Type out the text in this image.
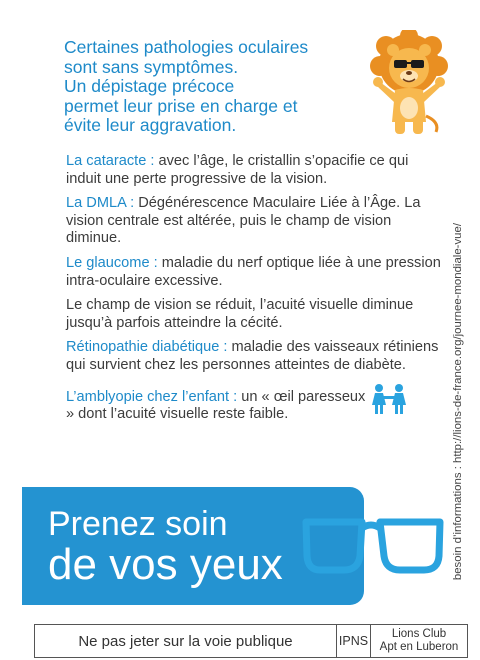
Certaines pathologies oculaires
sont sans symptômes.
Un dépistage précoce
permet leur prise en charge et
évite leur aggravation.

La cataracte : avec l’âge, le cristallin s’opacifie ce qui induit une perte progressive de la vision.

La DMLA : Dégénérescence Maculaire Liée à l’Âge. La vision centrale est altérée, puis le champ de vision diminue.

Le glaucome : maladie du nerf optique liée à une pression intra-oculaire excessive.

Le champ de vision se réduit, l’acuité visuelle diminue jusqu’à parfois atteindre la cécité.

Rétinopathie diabétique : maladie des vaisseaux rétiniens qui survient chez les personnes atteintes de diabète.

L’amblyopie chez l’enfant : un « œil paresseux » dont l’acuité visuelle reste faible.	besoin d’informations : http://lions-de-france.org/journee-mondiale-vue/
Prenez soin
de vos yeux
Ne pas jeter sur la voie publique	IPNS Lions Club
Apt en Luberon
